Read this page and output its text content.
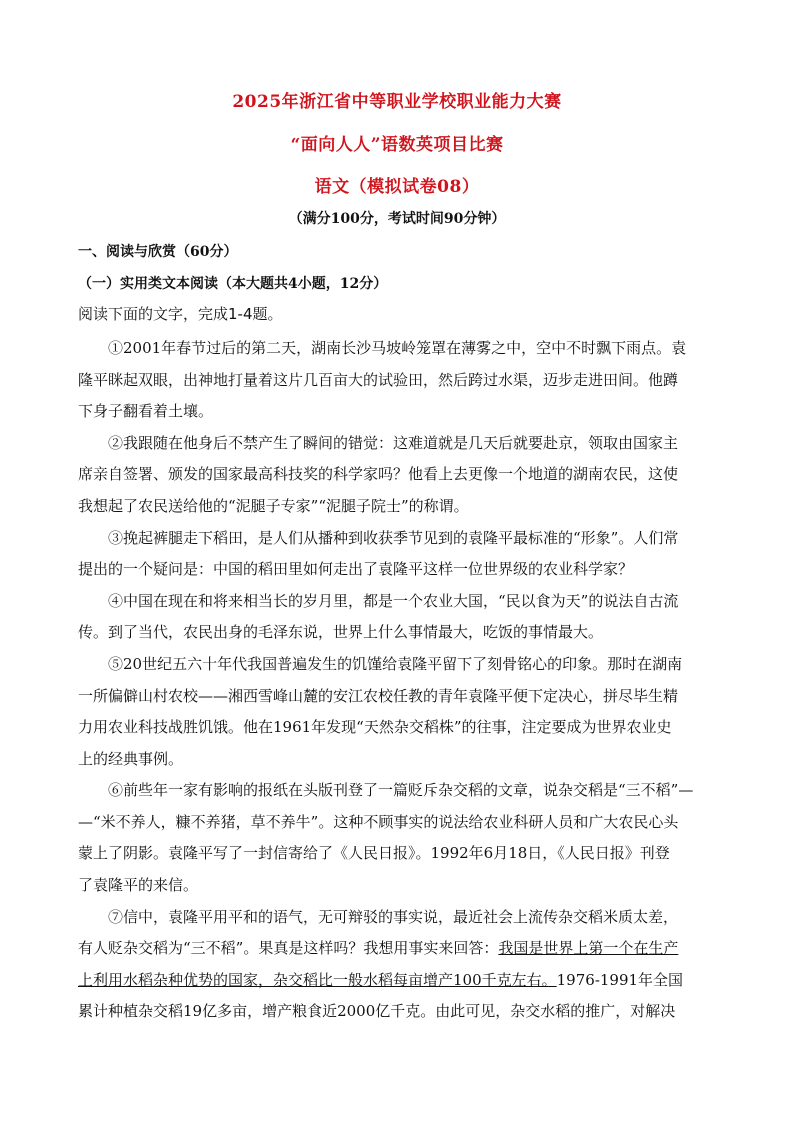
2025年浙江省中等职业学校职业能力大赛
“面向人人”语数英项目比赛
语文（模拟试卷08）
（满分100分，考试时间90分钟）
一、阅读与欣赏（60分）
（一）实用类文本阅读（本大题共4小题，12分）
阅读下面的文字，完成1-4题。
①2001年春节过后的第二天，湖南长沙马坡岭笼罩在薄雾之中，空中不时飘下雨点。袁
隆平眯起双眼，出神地打量着这片几百亩大的试验田，然后跨过水渠，迈步走进田间。他蹲
下身子翻看着土壤。
②我跟随在他身后不禁产生了瞬间的错觉：这难道就是几天后就要赴京，领取由国家主
席亲自签署、颁发的国家最高科技奖的科学家吗？他看上去更像一个地道的湖南农民，这使
我想起了农民送给他的“泥腿子专家”“泥腿子院士”的称谓。
③挽起裤腿走下稻田，是人们从播种到收获季节见到的袁隆平最标准的“形象”。人们常
提出的一个疑问是：中国的稻田里如何走出了袁隆平这样一位世界级的农业科学家？
④中国在现在和将来相当长的岁月里，都是一个农业大国，“民以食为天”的说法自古流
传。到了当代，农民出身的毛泽东说，世界上什么事情最大，吃饭的事情最大。
⑤20世纪五六十年代我国普遍发生的饥馑给袁隆平留下了刻骨铭心的印象。那时在湖南
一所偏僻山村农校——湘西雪峰山麓的安江农校任教的青年袁隆平便下定决心，拼尽毕生精
力用农业科技战胜饥饿。他在1961年发现“天然杂交稻株”的往事，注定要成为世界农业史
上的经典事例。
⑥前些年一家有影响的报纸在头版刊登了一篇贬斥杂交稻的文章，说杂交稻是“三不稻”—
—“米不养人，糠不养猪，草不养牛”。这种不顾事实的说法给农业科研人员和广大农民心头
蒙上了阴影。袁隆平写了一封信寄给了《人民日报》。1992年6月18日，《人民日报》刊登
了袁隆平的来信。
⑦信中，袁隆平用平和的语气，无可辩驳的事实说，最近社会上流传杂交稻米质太差，
有人贬杂交稻为“三不稻”。果真是这样吗？我想用事实来回答：我国是世界上第一个在生产
上利用水稻杂种优势的国家，杂交稻比一般水稻每亩增产100千克左右。1976-1991年全国
累计种植杂交稻19亿多亩，增产粮食近2000亿千克。由此可见，杂交水稻的推广，对解决
